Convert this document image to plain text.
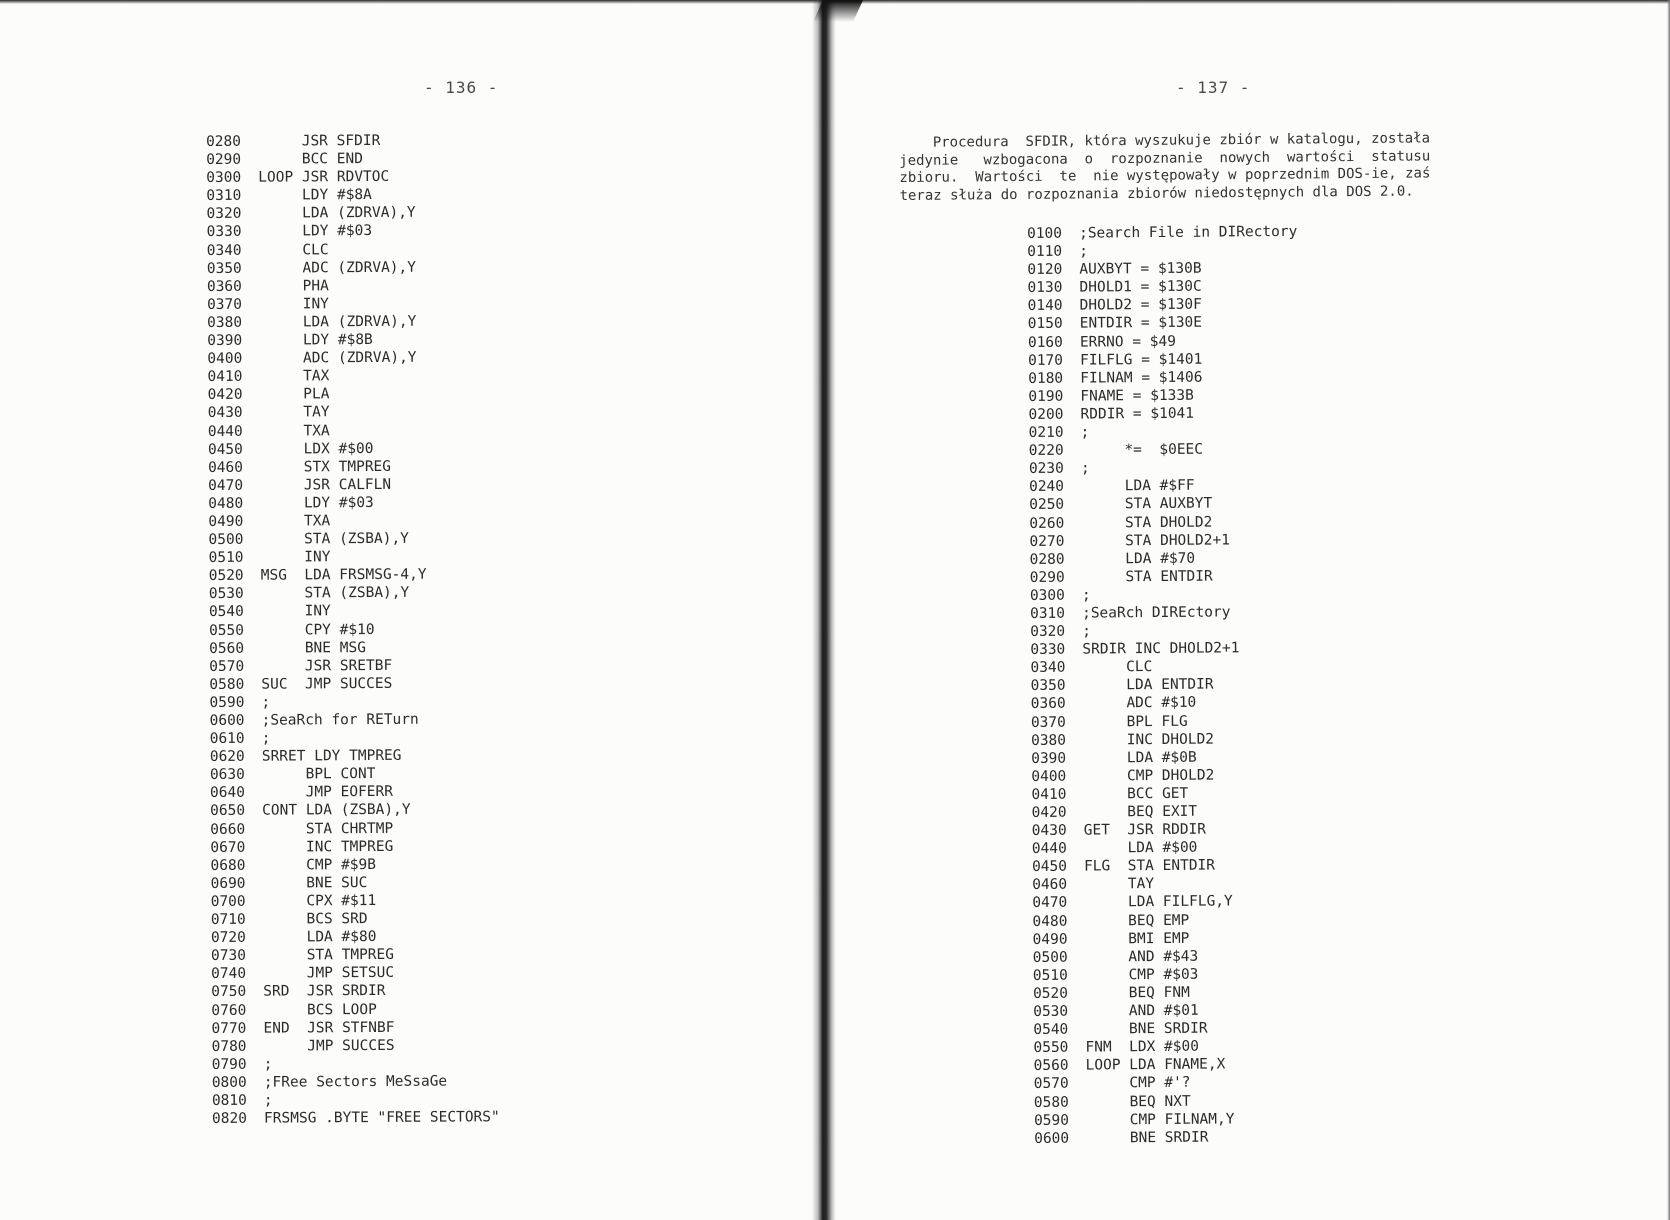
- 136 -
0280     JSR SFDIR
0290     BCC END
0300 LOOP JSR RDVTOC
0310     LDY #$8A
0320     LDA (ZDRVA),Y
0330     LDY #$03
0340     CLC
0350     ADC (ZDRVA),Y
0360     PHA
0370     INY
0380     LDA (ZDRVA),Y
0390     LDY #$8B
0400     ADC (ZDRVA),Y
0410     TAX
0420     PLA
0430     TAY
0440     TXA
0450     LDX #$00
0460     STX TMPREG
0470     JSR CALFLN
0480     LDY #$03
0490     TXA
0500     STA (ZSBA),Y
0510     INY
0520 MSG  LDA FRSMSG-4,Y
0530     STA (ZSBA),Y
0540     INY
0550     CPY #$10
0560     BNE MSG
0570     JSR SRETBF
0580 SUC  JMP SUCCES
0590 ;
0600 ;SeaRch for RETurn
0610 ;
0620 SRRET LDY TMPREG
0630     BPL CONT
0640     JMP EOFERR
0650 CONT LDA (ZSBA),Y
0660     STA CHRTMP
0670     INC TMPREG
0680     CMP #$9B
0690     BNE SUC
0700     CPX #$11
0710     BCS SRD
0720     LDA #$80
0730     STA TMPREG
0740     JMP SETSUC
0750 SRD  JSR SRDIR
0760     BCS LOOP
0770 END  JSR STFNBF
0780     JMP SUCCES
0790 ;
0800 ;FRee Sectors MeSsaGe
0810 ;
0820 FRSMSG .BYTE "FREE SECTORS"
- 137 -
Procedura  SFDIR, która wyszukuje zbiór w katalogu, została
jedynie   wzbogacona  o  rozpoznanie  nowych  wartości  statusu
zbioru.  Wartości  te  nie występowały w poprzednim DOS-ie, zaś
teraz służa do rozpoznania zbiorów niedostępnych dla DOS 2.0.
0100 ;Search File in DIRectory
0110 ;
0120 AUXBYT = $130B
0130 DHOLD1 = $130C
0140 DHOLD2 = $130F
0150 ENTDIR = $130E
0160 ERRNO = $49
0170 FILFLG = $1401
0180 FILNAM = $1406
0190 FNAME = $133B
0200 RDDIR = $1041
0210 ;
0220     *=  $0EEC
0230 ;
0240     LDA #$FF
0250     STA AUXBYT
0260     STA DHOLD2
0270     STA DHOLD2+1
0280     LDA #$70
0290     STA ENTDIR
0300 ;
0310 ;SeaRch DIREctory
0320 ;
0330 SRDIR INC DHOLD2+1
0340     CLC
0350     LDA ENTDIR
0360     ADC #$10
0370     BPL FLG
0380     INC DHOLD2
0390     LDA #$0B
0400     CMP DHOLD2
0410     BCC GET
0420     BEQ EXIT
0430 GET  JSR RDDIR
0440     LDA #$00
0450 FLG  STA ENTDIR
0460     TAY
0470     LDA FILFLG,Y
0480     BEQ EMP
0490     BMI EMP
0500     AND #$43
0510     CMP #$03
0520     BEQ FNM
0530     AND #$01
0540     BNE SRDIR
0550 FNM  LDX #$00
0560 LOOP LDA FNAME,X
0570     CMP #'?
0580     BEQ NXT
0590     CMP FILNAM,Y
0600     BNE SRDIR
